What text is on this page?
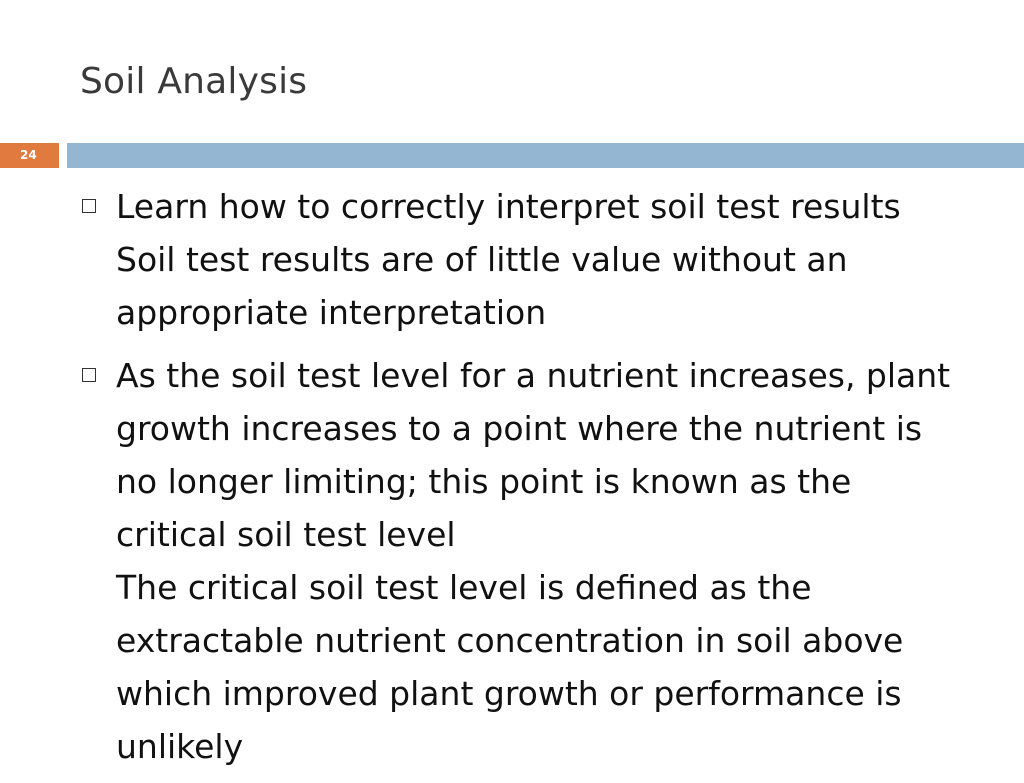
Soil Analysis
24
Learn how to correctly interpret soil test results
Soil test results are of little value without an
appropriate interpretation
As the soil test level for a nutrient increases, plant
growth increases to a point where the nutrient is
no longer limiting; this point is known as the
critical soil test level
The critical soil test level is defined as the
extractable nutrient concentration in soil above
which improved plant growth or performance is
unlikely
